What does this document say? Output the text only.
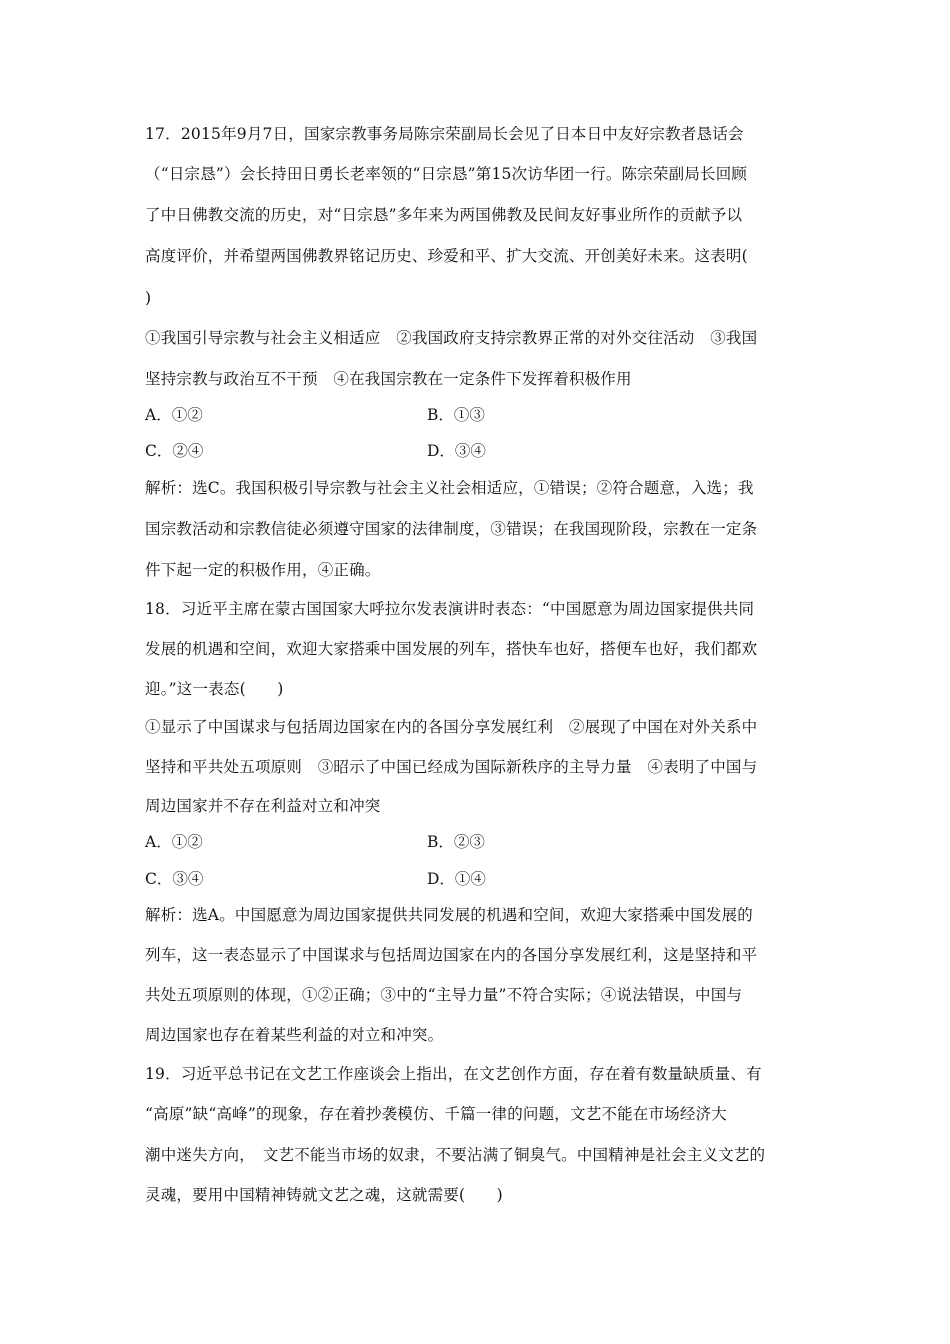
17．2015年9月7日，国家宗教事务局陈宗荣副局长会见了日本日中友好宗教者恳话会
（“日宗恳”）会长持田日勇长老率领的“日宗恳”第15次访华团一行。陈宗荣副局长回顾
了中日佛教交流的历史，对“日宗恳”多年来为两国佛教及民间友好事业所作的贡献予以
高度评价，并希望两国佛教界铭记历史、珍爱和平、扩大交流、开创美好未来。这表明(
)
①我国引导宗教与社会主义相适应　②我国政府支持宗教界正常的对外交往活动　③我国
坚持宗教与政治互不干预　④在我国宗教在一定条件下发挥着积极作用
A．①②	B．①③
C．②④	D．③④
解析：选C。我国积极引导宗教与社会主义社会相适应，①错误；②符合题意，入选；我
国宗教活动和宗教信徒必须遵守国家的法律制度，③错误；在我国现阶段，宗教在一定条
件下起一定的积极作用，④正确。
18．习近平主席在蒙古国国家大呼拉尔发表演讲时表态：“中国愿意为周边国家提供共同
发展的机遇和空间，欢迎大家搭乘中国发展的列车，搭快车也好，搭便车也好，我们都欢
迎。”这一表态(　　)
①显示了中国谋求与包括周边国家在内的各国分享发展红利　②展现了中国在对外关系中
坚持和平共处五项原则　③昭示了中国已经成为国际新秩序的主导力量　④表明了中国与
周边国家并不存在利益对立和冲突
A．①②	B．②③
C．③④	D．①④
解析：选A。中国愿意为周边国家提供共同发展的机遇和空间，欢迎大家搭乘中国发展的
列车，这一表态显示了中国谋求与包括周边国家在内的各国分享发展红利，这是坚持和平
共处五项原则的体现，①②正确；③中的“主导力量”不符合实际；④说法错误，中国与
周边国家也存在着某些利益的对立和冲突。
19．习近平总书记在文艺工作座谈会上指出，在文艺创作方面，存在着有数量缺质量、有
“高原”缺“高峰”的现象，存在着抄袭模仿、千篇一律的问题，文艺不能在市场经济大
潮中迷失方向，　文艺不能当市场的奴隶，不要沾满了铜臭气。中国精神是社会主义文艺的
灵魂，要用中国精神铸就文艺之魂，这就需要(　　)
